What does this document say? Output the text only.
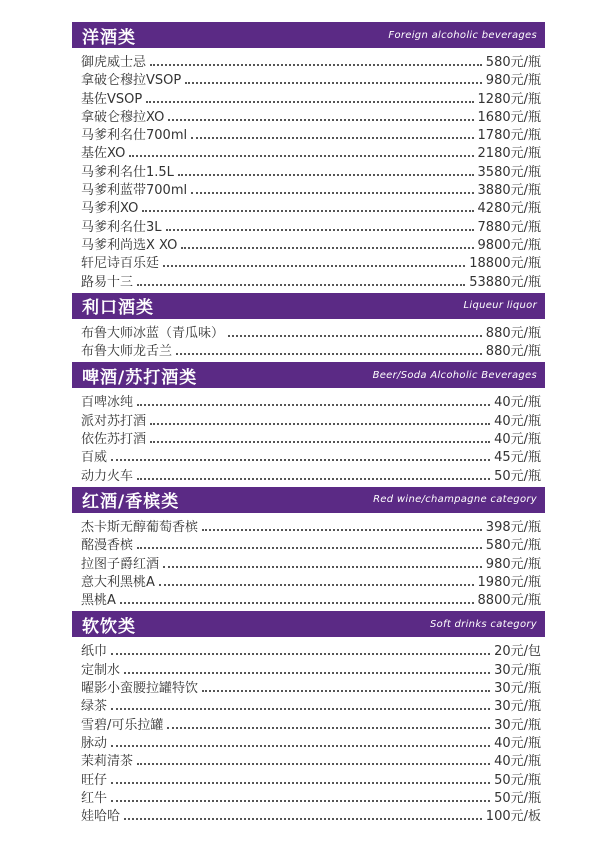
洋酒类	Foreign alcoholic beverages
御虎威士忌	580元/瓶
拿破仑穆拉VSOP	980元/瓶
基佐VSOP	1280元/瓶
拿破仑穆拉XO	1680元/瓶
马爹利名仕700ml	1780元/瓶
基佐XO	2180元/瓶
马爹利名仕1.5L	3580元/瓶
马爹利蓝带700ml	3880元/瓶
马爹利XO	4280元/瓶
马爹利名仕3L	7880元/瓶
马爹利尚选X XO	9800元/瓶
轩尼诗百乐廷	18800元/瓶
路易十三	53880元/瓶
利口酒类	Liqueur liquor
布鲁大师冰蓝（青瓜味）	880元/瓶
布鲁大师龙舌兰	880元/瓶
啤酒/苏打酒类	Beer/Soda Alcoholic Beverages
百啤冰纯	40元/瓶
派对苏打酒	40元/瓶
依佐苏打酒	40元/瓶
百威	45元/瓶
动力火车	50元/瓶
红酒/香槟类	Red wine/champagne category
杰卡斯无醇葡萄香槟	398元/瓶
酩漫香槟	580元/瓶
拉图子爵红酒	980元/瓶
意大利黑桃A	1980元/瓶
黑桃A	8800元/瓶
软饮类	Soft drinks category
纸巾	20元/包
定制水	30元/瓶
曜影小蛮腰拉罐特饮	30元/瓶
绿茶	30元/瓶
雪碧/可乐拉罐	30元/瓶
脉动	40元/瓶
茉莉清茶	40元/瓶
旺仔	50元/瓶
红牛	50元/瓶
娃哈哈	100元/板
